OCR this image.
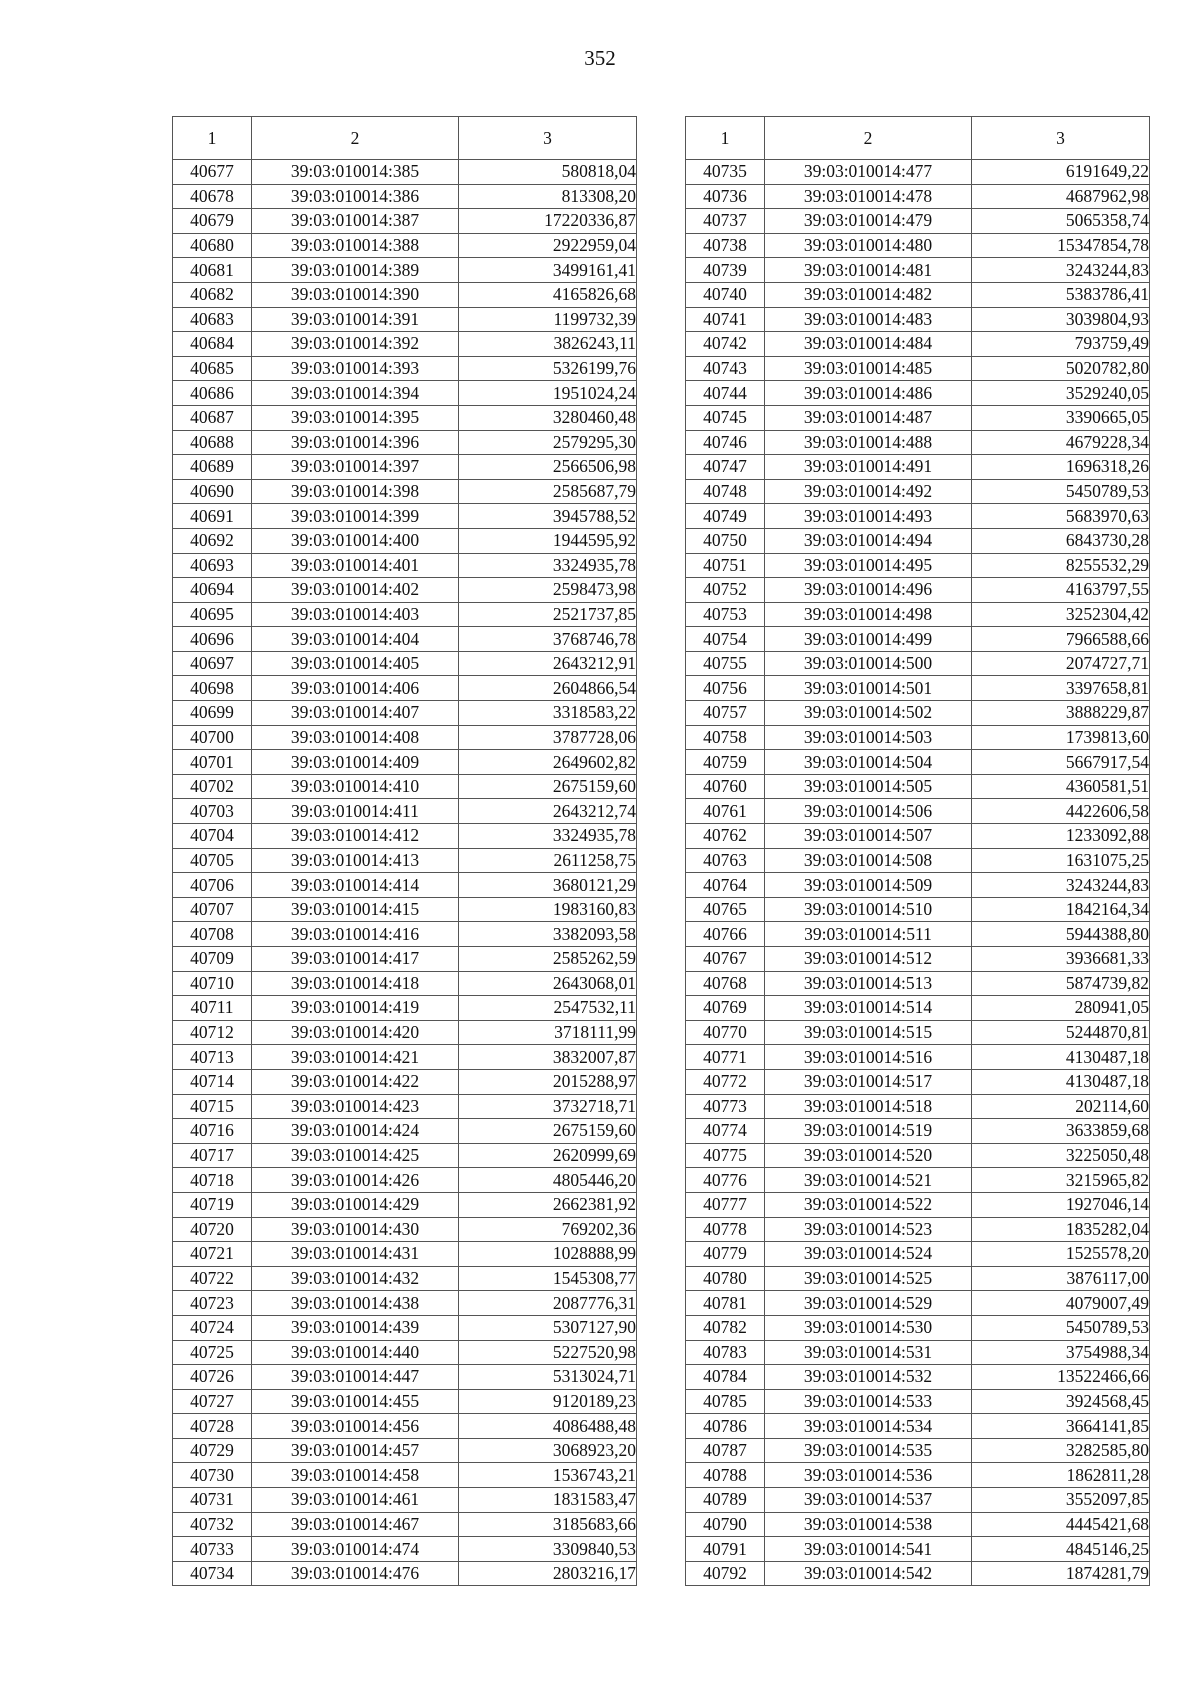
352
1	2	3
40677	39:03:010014:385	580818,04
40678	39:03:010014:386	813308,20
40679	39:03:010014:387	17220336,87
40680	39:03:010014:388	2922959,04
40681	39:03:010014:389	3499161,41
40682	39:03:010014:390	4165826,68
40683	39:03:010014:391	1199732,39
40684	39:03:010014:392	3826243,11
40685	39:03:010014:393	5326199,76
40686	39:03:010014:394	1951024,24
40687	39:03:010014:395	3280460,48
40688	39:03:010014:396	2579295,30
40689	39:03:010014:397	2566506,98
40690	39:03:010014:398	2585687,79
40691	39:03:010014:399	3945788,52
40692	39:03:010014:400	1944595,92
40693	39:03:010014:401	3324935,78
40694	39:03:010014:402	2598473,98
40695	39:03:010014:403	2521737,85
40696	39:03:010014:404	3768746,78
40697	39:03:010014:405	2643212,91
40698	39:03:010014:406	2604866,54
40699	39:03:010014:407	3318583,22
40700	39:03:010014:408	3787728,06
40701	39:03:010014:409	2649602,82
40702	39:03:010014:410	2675159,60
40703	39:03:010014:411	2643212,74
40704	39:03:010014:412	3324935,78
40705	39:03:010014:413	2611258,75
40706	39:03:010014:414	3680121,29
40707	39:03:010014:415	1983160,83
40708	39:03:010014:416	3382093,58
40709	39:03:010014:417	2585262,59
40710	39:03:010014:418	2643068,01
40711	39:03:010014:419	2547532,11
40712	39:03:010014:420	3718111,99
40713	39:03:010014:421	3832007,87
40714	39:03:010014:422	2015288,97
40715	39:03:010014:423	3732718,71
40716	39:03:010014:424	2675159,60
40717	39:03:010014:425	2620999,69
40718	39:03:010014:426	4805446,20
40719	39:03:010014:429	2662381,92
40720	39:03:010014:430	769202,36
40721	39:03:010014:431	1028888,99
40722	39:03:010014:432	1545308,77
40723	39:03:010014:438	2087776,31
40724	39:03:010014:439	5307127,90
40725	39:03:010014:440	5227520,98
40726	39:03:010014:447	5313024,71
40727	39:03:010014:455	9120189,23
40728	39:03:010014:456	4086488,48
40729	39:03:010014:457	3068923,20
40730	39:03:010014:458	1536743,21
40731	39:03:010014:461	1831583,47
40732	39:03:010014:467	3185683,66
40733	39:03:010014:474	3309840,53
40734	39:03:010014:476	2803216,17
1	2	3
40735	39:03:010014:477	6191649,22
40736	39:03:010014:478	4687962,98
40737	39:03:010014:479	5065358,74
40738	39:03:010014:480	15347854,78
40739	39:03:010014:481	3243244,83
40740	39:03:010014:482	5383786,41
40741	39:03:010014:483	3039804,93
40742	39:03:010014:484	793759,49
40743	39:03:010014:485	5020782,80
40744	39:03:010014:486	3529240,05
40745	39:03:010014:487	3390665,05
40746	39:03:010014:488	4679228,34
40747	39:03:010014:491	1696318,26
40748	39:03:010014:492	5450789,53
40749	39:03:010014:493	5683970,63
40750	39:03:010014:494	6843730,28
40751	39:03:010014:495	8255532,29
40752	39:03:010014:496	4163797,55
40753	39:03:010014:498	3252304,42
40754	39:03:010014:499	7966588,66
40755	39:03:010014:500	2074727,71
40756	39:03:010014:501	3397658,81
40757	39:03:010014:502	3888229,87
40758	39:03:010014:503	1739813,60
40759	39:03:010014:504	5667917,54
40760	39:03:010014:505	4360581,51
40761	39:03:010014:506	4422606,58
40762	39:03:010014:507	1233092,88
40763	39:03:010014:508	1631075,25
40764	39:03:010014:509	3243244,83
40765	39:03:010014:510	1842164,34
40766	39:03:010014:511	5944388,80
40767	39:03:010014:512	3936681,33
40768	39:03:010014:513	5874739,82
40769	39:03:010014:514	280941,05
40770	39:03:010014:515	5244870,81
40771	39:03:010014:516	4130487,18
40772	39:03:010014:517	4130487,18
40773	39:03:010014:518	202114,60
40774	39:03:010014:519	3633859,68
40775	39:03:010014:520	3225050,48
40776	39:03:010014:521	3215965,82
40777	39:03:010014:522	1927046,14
40778	39:03:010014:523	1835282,04
40779	39:03:010014:524	1525578,20
40780	39:03:010014:525	3876117,00
40781	39:03:010014:529	4079007,49
40782	39:03:010014:530	5450789,53
40783	39:03:010014:531	3754988,34
40784	39:03:010014:532	13522466,66
40785	39:03:010014:533	3924568,45
40786	39:03:010014:534	3664141,85
40787	39:03:010014:535	3282585,80
40788	39:03:010014:536	1862811,28
40789	39:03:010014:537	3552097,85
40790	39:03:010014:538	4445421,68
40791	39:03:010014:541	4845146,25
40792	39:03:010014:542	1874281,79
